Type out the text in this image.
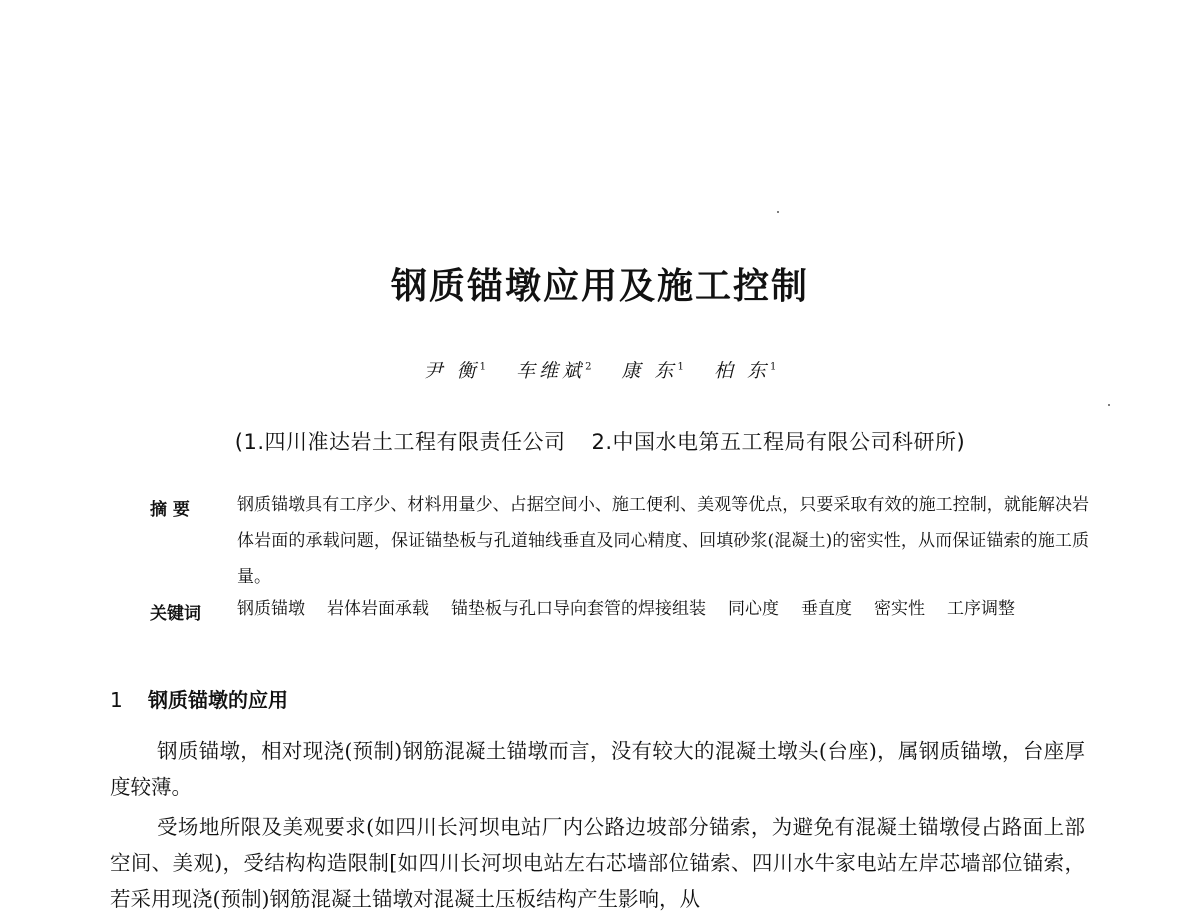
钢质锚墩应用及施工控制
尹 衡$^1$ 车维斌$^2$ 康 东$^1$ 柏 东$^1$
(1.四川准达岩土工程有限责任公司 2.中国水电第五工程局有限公司科研所)
摘 要	钢质锚墩具有工序少、材料用量少、占据空间小、施工便利、美观等优点，只要采取有效的施工控制，就能解决岩体岩面的承载问题，保证锚垫板与孔道轴线垂直及同心精度、回填砂浆(混凝土)的密实性，从而保证锚索的施工质量。
关键词	钢质锚墩 岩体岩面承载 锚垫板与孔口导向套管的焊接组装 同心度 垂直度 密实性 工序调整
1 钢质锚墩的应用
钢质锚墩，相对现浇(预制)钢筋混凝土锚墩而言，没有较大的混凝土墩头(台座)，属钢质锚墩，台座厚度较薄。
受场地所限及美观要求(如四川长河坝电站厂内公路边坡部分锚索，为避免有混凝土锚墩侵占路面上部空间、美观)，受结构构造限制[如四川长河坝电站左右芯墙部位锚索、四川水牛家电站左岸芯墙部位锚索，若采用现浇(预制)钢筋混凝土锚墩对混凝土压板结构产生影响，从
